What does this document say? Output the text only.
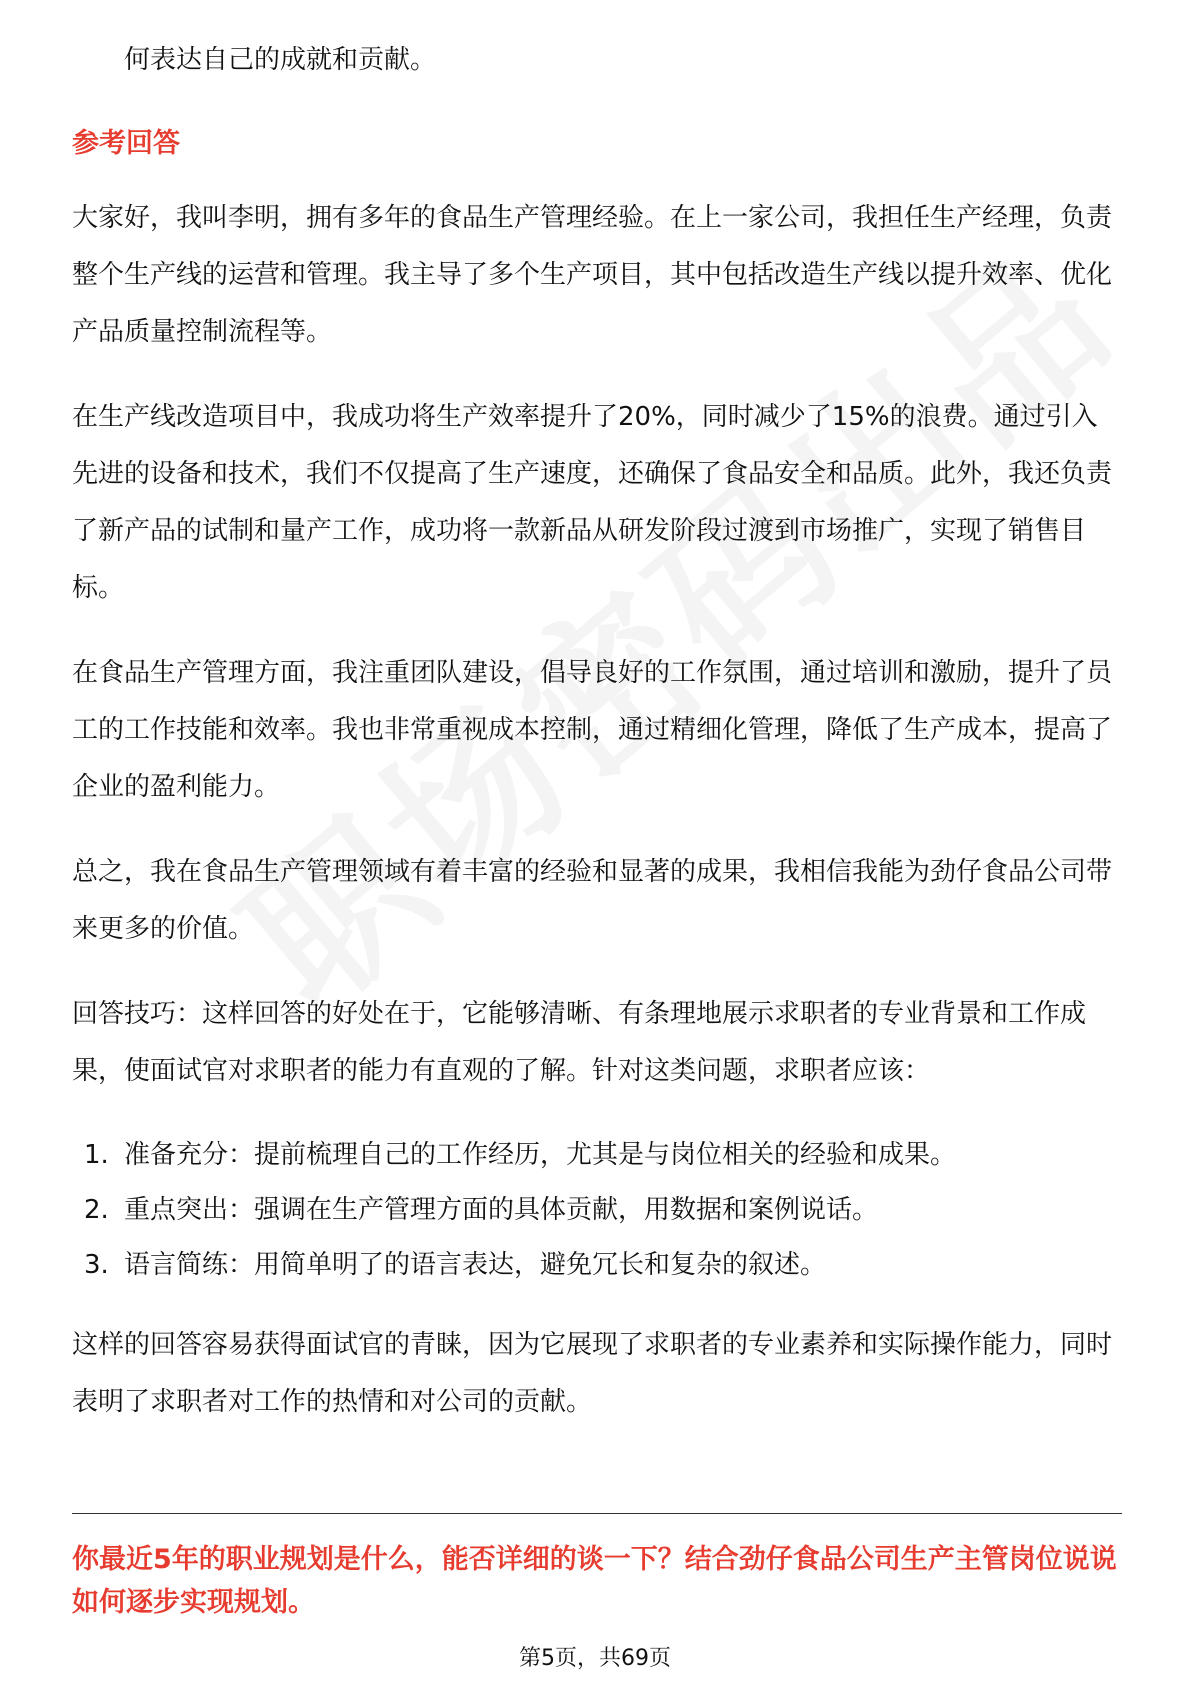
何表达自己的成就和贡献。

参考回答

大家好，我叫李明，拥有多年的食品生产管理经验。在上一家公司，我担任生产经理，负责整个生产线的运营和管理。我主导了多个生产项目，其中包括改造生产线以提升效率、优化产品质量控制流程等。

在生产线改造项目中，我成功将生产效率提升了20%，同时减少了15%的浪费。通过引入先进的设备和技术，我们不仅提高了生产速度，还确保了食品安全和品质。此外，我还负责了新产品的试制和量产工作，成功将一款新品从研发阶段过渡到市场推广，实现了销售目标。

在食品生产管理方面，我注重团队建设，倡导良好的工作氛围，通过培训和激励，提升了员工的工作技能和效率。我也非常重视成本控制，通过精细化管理，降低了生产成本，提高了企业的盈利能力。

总之，我在食品生产管理领域有着丰富的经验和显著的成果，我相信我能为劲仔食品公司带来更多的价值。

回答技巧：这样回答的好处在于，它能够清晰、有条理地展示求职者的专业背景和工作成果，使面试官对求职者的能力有直观的了解。针对这类问题，求职者应该：

1. 准备充分：提前梳理自己的工作经历，尤其是与岗位相关的经验和成果。
2. 重点突出：强调在生产管理方面的具体贡献，用数据和案例说话。
3. 语言简练：用简单明了的语言表达，避免冗长和复杂的叙述。

这样的回答容易获得面试官的青睐，因为它展现了求职者的专业素养和实际操作能力，同时表明了求职者对工作的热情和对公司的贡献。

你最近5年的职业规划是什么，能否详细的谈一下？结合劲仔食品公司生产主管岗位说说如何逐步实现规划。
第5页，共69页
